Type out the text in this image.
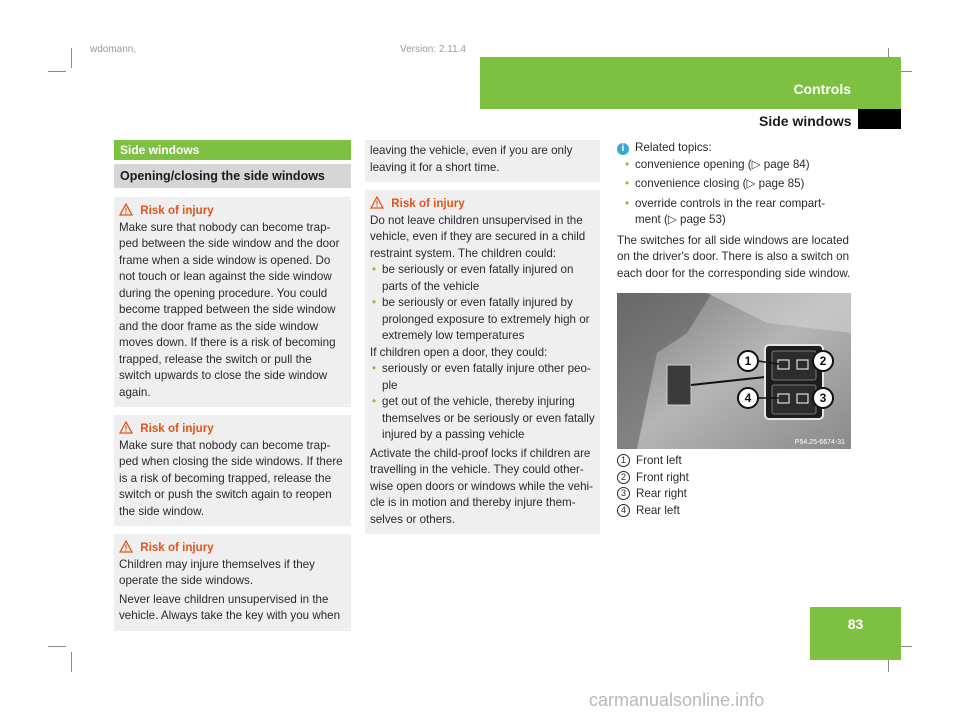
wdomann,	Version: 2.11.4
Controls
Side windows
83
Side windows
Opening/closing the side windows
Risk of injury

Make sure that nobody can become trap-
ped between the side window and the door
frame when a side window is opened. Do
not touch or lean against the side window
during the opening procedure. You could
become trapped between the side window
and the door frame as the side window
moves down. If there is a risk of becoming
trapped, release the switch or pull the
switch upwards to close the side window
again.

Risk of injury

Make sure that nobody can become trap-
ped when closing the side windows. If there
is a risk of becoming trapped, release the
switch or push the switch again to reopen
the side window.

Risk of injury

Children may injure themselves if they
operate the side windows.

Never leave children unsupervised in the
vehicle. Always take the key with you when

leaving the vehicle, even if you are only
leaving it for a short time.

Risk of injury

Do not leave children unsupervised in the
vehicle, even if they are secured in a child
restraint system. The children could:

• be seriously or even fatally injured on
parts of the vehicle

• be seriously or even fatally injured by
prolonged exposure to extremely high or
extremely low temperatures

If children open a door, they could:

• seriously or even fatally injure other peo-
ple

• get out of the vehicle, thereby injuring
themselves or be seriously or even fatally
injured by a passing vehicle

Activate the child-proof locks if children are
travelling in the vehicle. They could other-
wise open doors or windows while the vehi-
cle is in motion and thereby injure them-
selves or others.

i Related topics:

• convenience opening (▷ page 84)

• convenience closing (▷ page 85)

• override controls in the rear compart-
ment (▷ page 53)

The switches for all side windows are located
on the driver's door. There is also a switch on
each door for the corresponding side window.

1	2
3
4
P54.25-6674-31

1 Front left

2 Front right

3 Rear right

4 Rear left

carmanualsonline.info
